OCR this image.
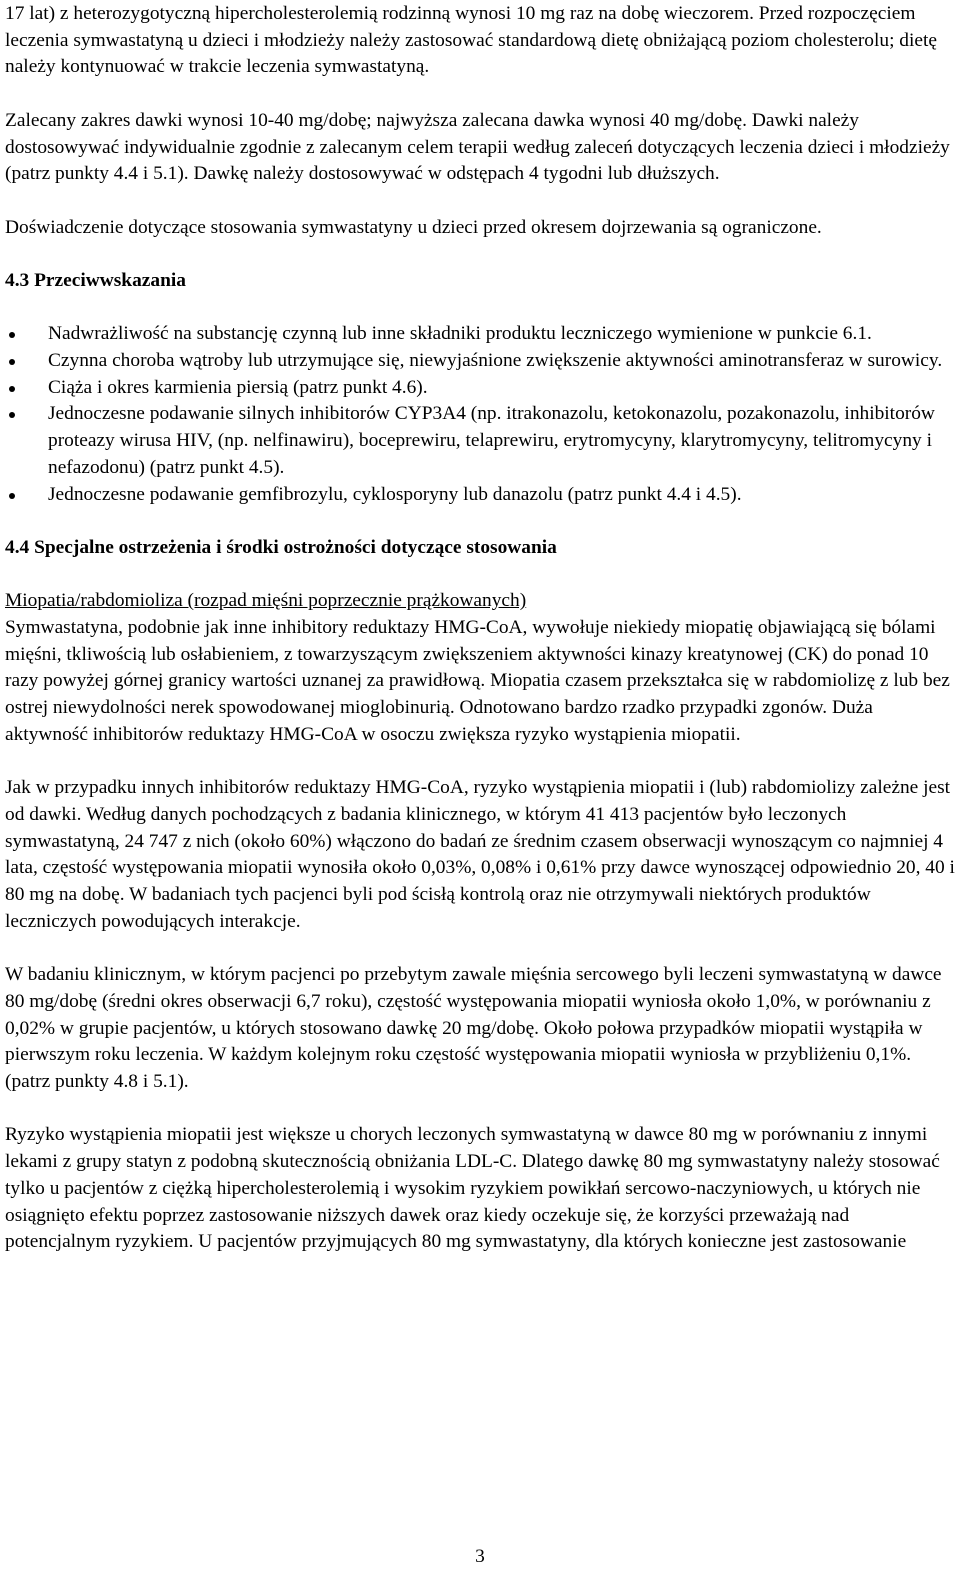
17 lat) z heterozygotyczną hipercholesterolemią rodzinną wynosi 10 mg raz na dobę wieczorem. Przed rozpoczęciem leczenia symwastatyną u dzieci i młodzieży należy zastosować standardową dietę obniżającą poziom cholesterolu; dietę należy kontynuować w trakcie leczenia symwastatyną.

Zalecany zakres dawki wynosi 10-40 mg/dobę; najwyższa zalecana dawka wynosi 40 mg/dobę. Dawki należy dostosowywać indywidualnie zgodnie z zalecanym celem terapii według zaleceń dotyczących leczenia dzieci i młodzieży (patrz punkty 4.4 i 5.1). Dawkę należy dostosowywać w odstępach 4 tygodni lub dłuższych.

Doświadczenie dotyczące stosowania symwastatyny u dzieci przed okresem dojrzewania są ograniczone.

4.3 Przeciwwskazania

Nadwrażliwość na substancję czynną lub inne składniki produktu leczniczego wymienione w punkcie 6.1.
Czynna choroba wątroby lub utrzymujące się, niewyjaśnione zwiększenie aktywności aminotransferaz w surowicy.
Ciąża i okres karmienia piersią (patrz punkt 4.6).
Jednoczesne podawanie silnych inhibitorów CYP3A4 (np. itrakonazolu, ketokonazolu, pozakonazolu, inhibitorów proteazy wirusa HIV, (np. nelfinawiru), boceprewiru, telaprewiru, erytromycyny, klarytromycyny, telitromycyny i nefazodonu) (patrz punkt 4.5).
Jednoczesne podawanie gemfibrozylu, cyklosporyny lub danazolu (patrz punkt 4.4 i 4.5).

4.4 Specjalne ostrzeżenia i środki ostrożności dotyczące stosowania

Miopatia/rabdomioliza (rozpad mięśni poprzecznie prążkowanych)

Symwastatyna, podobnie jak inne inhibitory reduktazy HMG-CoA, wywołuje niekiedy miopatię objawiającą się bólami mięśni, tkliwością lub osłabieniem, z towarzyszącym zwiększeniem aktywności kinazy kreatynowej (CK) do ponad 10 razy powyżej górnej granicy wartości uznanej za prawidłową. Miopatia czasem przekształca się w rabdomiolizę z lub bez ostrej niewydolności nerek spowodowanej mioglobinurią. Odnotowano bardzo rzadko przypadki zgonów. Duża aktywność inhibitorów reduktazy HMG-CoA w osoczu zwiększa ryzyko wystąpienia miopatii.

Jak w przypadku innych inhibitorów reduktazy HMG-CoA, ryzyko wystąpienia miopatii i (lub) rabdomiolizy zależne jest od dawki. Według danych pochodzących z badania klinicznego, w którym 41 413 pacjentów było leczonych symwastatyną, 24 747 z nich (około 60%) włączono do badań ze średnim czasem obserwacji wynoszącym co najmniej 4 lata, częstość występowania miopatii wynosiła około 0,03%, 0,08% i 0,61% przy dawce wynoszącej odpowiednio 20, 40 i 80 mg na dobę. W badaniach tych pacjenci byli pod ścisłą kontrolą oraz nie otrzymywali niektórych produktów leczniczych powodujących interakcje.

W badaniu klinicznym, w którym pacjenci po przebytym zawale mięśnia sercowego byli leczeni symwastatyną w dawce 80 mg/dobę (średni okres obserwacji 6,7 roku), częstość występowania miopatii wyniosła około 1,0%, w porównaniu z 0,02% w grupie pacjentów, u których stosowano dawkę 20 mg/dobę. Około połowa przypadków miopatii wystąpiła w pierwszym roku leczenia. W każdym kolejnym roku częstość występowania miopatii wyniosła w przybliżeniu 0,1%. (patrz punkty 4.8 i 5.1).

Ryzyko wystąpienia miopatii jest większe u chorych leczonych symwastatyną w dawce 80 mg w porównaniu z innymi lekami z grupy statyn z podobną skutecznością obniżania LDL-C. Dlatego dawkę 80 mg symwastatyny należy stosować tylko u pacjentów z ciężką hipercholesterolemią i wysokim ryzykiem powikłań sercowo-naczyniowych, u których nie osiągnięto efektu poprzez zastosowanie niższych dawek oraz kiedy oczekuje się, że korzyści przeważają nad potencjalnym ryzykiem. U pacjentów przyjmujących 80 mg symwastatyny, dla których konieczne jest zastosowanie

3
